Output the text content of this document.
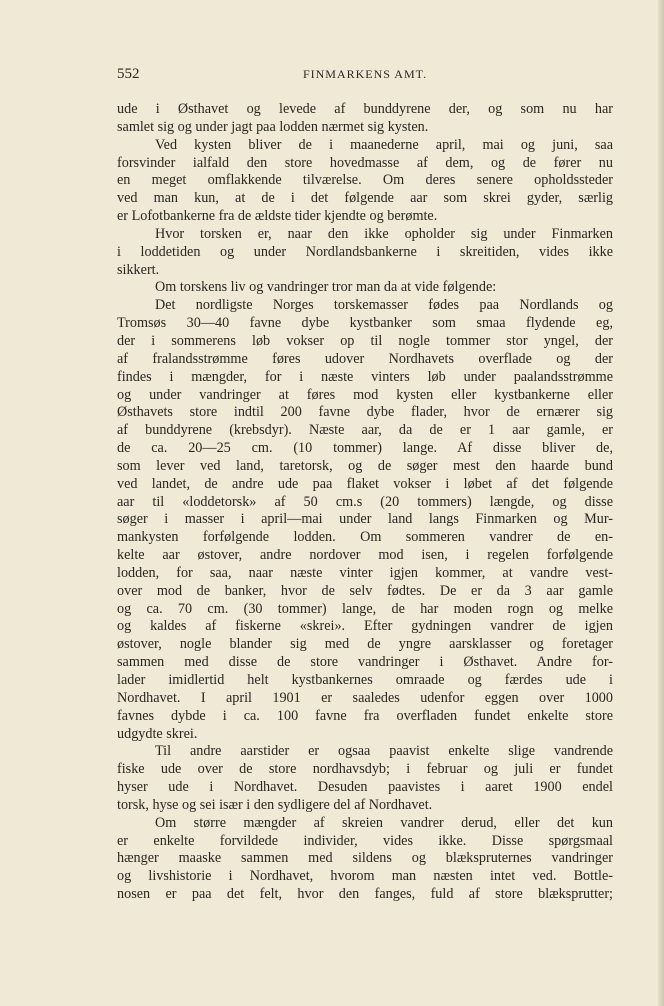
552	FINMARKENS AMT.
ude i Østhavet og levede af bunddyrene der, og som nu har
samlet sig og under jagt paa lodden nærmet sig kysten.
Ved kysten bliver de i maanederne april, mai og juni, saa
forsvinder ialfald den store hovedmasse af dem, og de fører nu
en meget omflakkende tilværelse. Om deres senere opholdssteder
ved man kun, at de i det følgende aar som skrei gyder, særlig
er Lofotbankerne fra de ældste tider kjendte og berømte.
Hvor torsken er, naar den ikke opholder sig under Finmarken
i loddetiden og under Nordlandsbankerne i skreitiden, vides ikke
sikkert.
Om torskens liv og vandringer tror man da at vide følgende:
Det nordligste Norges torskemasser fødes paa Nordlands og
Tromsøs 30—40 favne dybe kystbanker som smaa flydende eg,
der i sommerens løb vokser op til nogle tommer stor yngel, der
af fralandsstrømme føres udover Nordhavets overflade og der
findes i mængder, for i næste vinters løb under paalandsstrømme
og under vandringer at føres mod kysten eller kystbankerne eller
Østhavets store indtil 200 favne dybe flader, hvor de ernærer sig
af bunddyrene (krebsdyr). Næste aar, da de er 1 aar gamle, er
de ca. 20—25 cm. (10 tommer) lange. Af disse bliver de,
som lever ved land, taretorsk, og de søger mest den haarde bund
ved landet, de andre ude paa flaket vokser i løbet af det følgende
aar til «loddetorsk» af 50 cm.s (20 tommers) længde, og disse
søger i masser i april—mai under land langs Finmarken og Mur-
mankysten forfølgende lodden. Om sommeren vandrer de en-
kelte aar østover, andre nordover mod isen, i regelen forfølgende
lodden, for saa, naar næste vinter igjen kommer, at vandre vest-
over mod de banker, hvor de selv fødtes. De er da 3 aar gamle
og ca. 70 cm. (30 tommer) lange, de har moden rogn og melke
og kaldes af fiskerne «skrei». Efter gydningen vandrer de igjen
østover, nogle blander sig med de yngre aarsklasser og foretager
sammen med disse de store vandringer i Østhavet. Andre for-
lader imidlertid helt kystbankernes omraade og færdes ude i
Nordhavet. I april 1901 er saaledes udenfor eggen over 1000
favnes dybde i ca. 100 favne fra overfladen fundet enkelte store
udgydte skrei.
Til andre aarstider er ogsaa paavist enkelte slige vandrende
fiske ude over de store nordhavsdyb; i februar og juli er fundet
hyser ude i Nordhavet. Desuden paavistes i aaret 1900 endel
torsk, hyse og sei især i den sydligere del af Nordhavet.
Om større mængder af skreien vandrer derud, eller det kun
er enkelte forvildede individer, vides ikke. Disse spørgsmaal
hænger maaske sammen med sildens og blækspruternes vandringer
og livshistorie i Nordhavet, hvorom man næsten intet ved. Bottle-
nosen er paa det felt, hvor den fanges, fuld af store blæksprutter;
